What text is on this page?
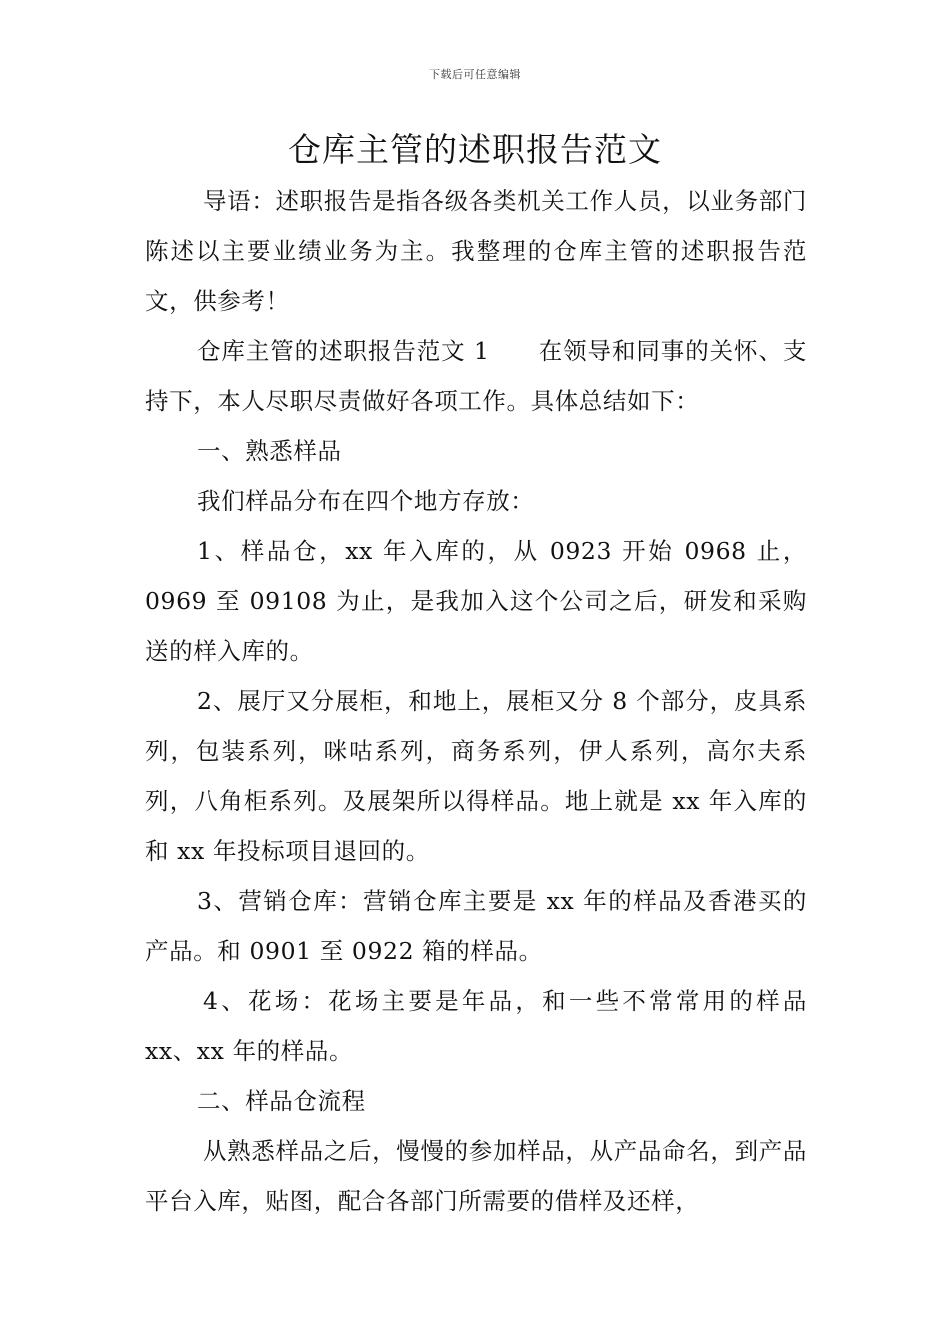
下载后可任意编辑
仓库主管的述职报告范文

导语：述职报告是指各级各类机关工作人员，以业务部门陈述以主要业绩业务为主。我整理的仓库主管的述职报告范文，供参考！

仓库主管的述职报告范文 1　　在领导和同事的关怀、支持下，本人尽职尽责做好各项工作。具体总结如下：

一、熟悉样品

我们样品分布在四个地方存放：

1、样品仓，xx 年入库的，从 0923 开始 0968 止，0969 至 09108 为止，是我加入这个公司之后，研发和采购送的样入库的。

2、展厅又分展柜，和地上，展柜又分 8 个部分，皮具系列，包装系列，咪咕系列，商务系列，伊人系列，高尔夫系列，八角柜系列。及展架所以得样品。地上就是 xx 年入库的和 xx 年投标项目退回的。

3、营销仓库：营销仓库主要是 xx 年的样品及香港买的产品。和 0901 至 0922 箱的样品。

4、花场：花场主要是年品，和一些不常常用的样品 xx、xx 年的样品。

二、样品仓流程

从熟悉样品之后，慢慢的参加样品，从产品命名，到产品平台入库，贴图，配合各部门所需要的借样及还样，
